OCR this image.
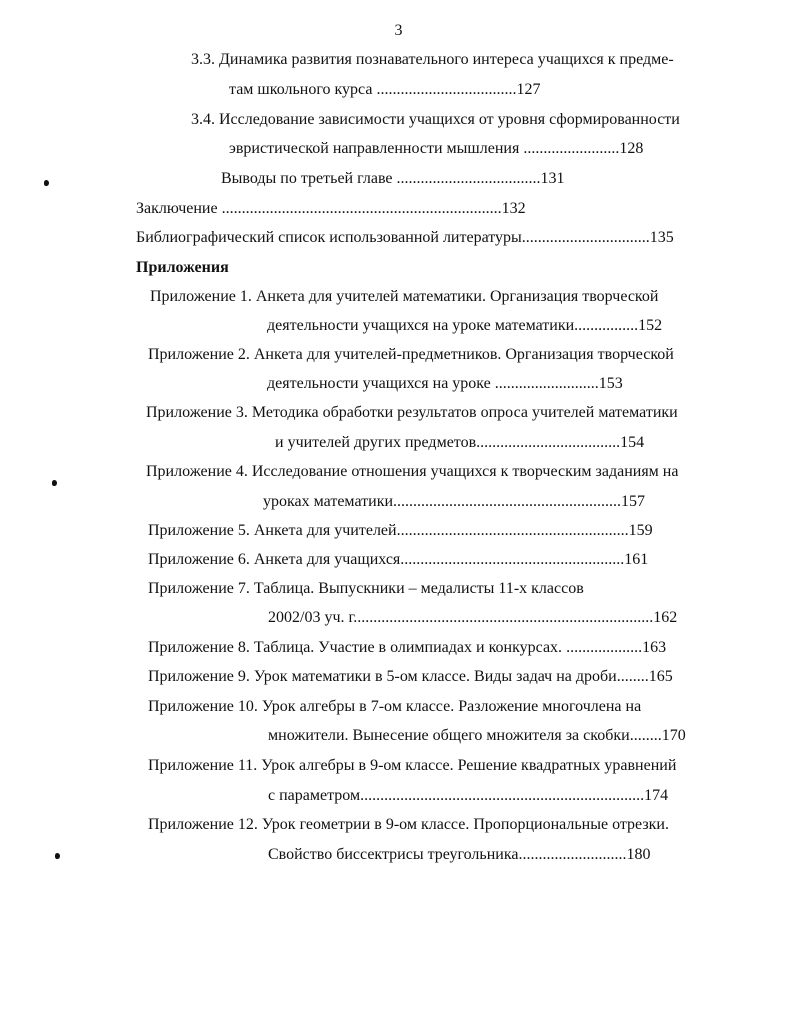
3
3.3. Динамика развития познавательного интереса учащихся к предме-
там школьного курса ...................................127
3.4. Исследование зависимости учащихся от уровня сформированности
эвристической направленности мышления ........................128
Выводы по третьей главе ....................................131
Заключение ......................................................................132
Библиографический список использованной литературы................................135
Приложения
Приложение 1. Анкета для учителей математики. Организация творческой
деятельности учащихся на уроке математики................152
Приложение 2. Анкета для учителей-предметников. Организация творческой
деятельности учащихся на уроке ..........................153
Приложение 3. Методика обработки результатов опроса учителей математики
и учителей других предметов....................................154
Приложение 4. Исследование отношения учащихся к творческим заданиям на
уроках математики.........................................................157
Приложение 5. Анкета для учителей..........................................................159
Приложение 6. Анкета для учащихся........................................................161
Приложение 7. Таблица. Выпускники – медалисты 11-х классов
2002/03 уч. г...........................................................................162
Приложение 8. Таблица. Участие в олимпиадах и конкурсах. ...................163
Приложение 9. Урок математики в 5-ом классе. Виды задач на дроби........165
Приложение 10. Урок алгебры в 7-ом классе. Разложение многочлена на
множители. Вынесение общего множителя за скобки........170
Приложение 11. Урок алгебры в 9-ом классе. Решение квадратных уравнений
с параметром.......................................................................174
Приложение 12. Урок геометрии в 9-ом классе. Пропорциональные отрезки.
Свойство биссектрисы треугольника...........................180
